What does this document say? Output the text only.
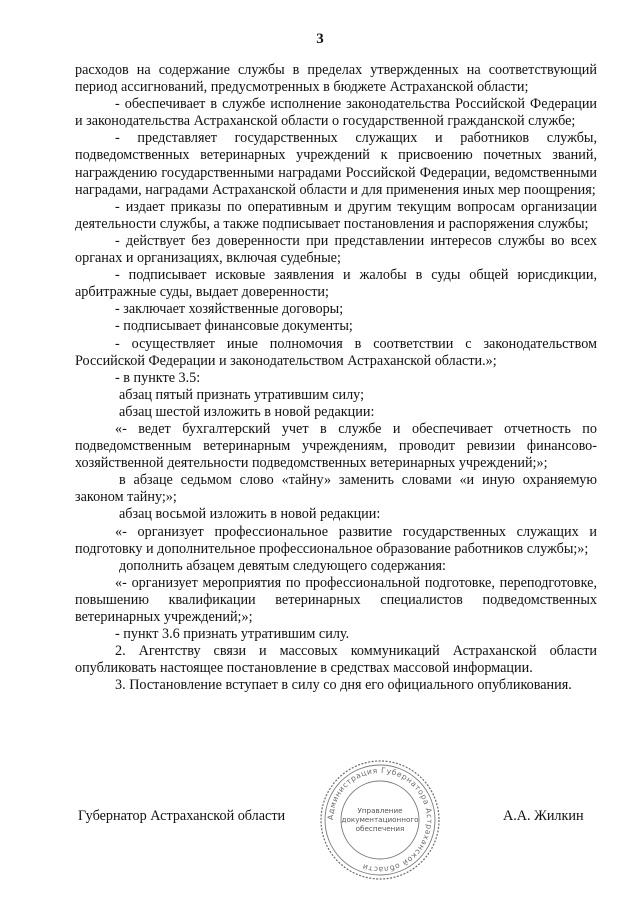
3

расходов на содержание службы в пределах утвержденных на соответствующий период ассигнований, предусмотренных в бюджете Астраханской области;

- обеспечивает в службе исполнение законодательства Российской Федерации и законодательства Астраханской области о государственной гражданской службе;

- представляет государственных служащих и работников службы, подведомственных ветеринарных учреждений к присвоению почетных званий, награждению государственными наградами Российской Федерации, ведомственными наградами, наградами Астраханской области и для применения иных мер поощрения;

- издает приказы по оперативным и другим текущим вопросам организации деятельности службы, а также подписывает постановления и распоряжения службы;

- действует без доверенности при представлении интересов службы во всех органах и организациях, включая судебные;

- подписывает исковые заявления и жалобы в суды общей юрисдикции, арбитражные суды, выдает доверенности;

- заключает хозяйственные договоры;

- подписывает финансовые документы;

- осуществляет иные полномочия в соответствии с законодательством Российской Федерации и законодательством Астраханской области.»;

- в пункте 3.5:

абзац пятый признать утратившим силу;

абзац шестой изложить в новой редакции:

«- ведет бухгалтерский учет в службе и обеспечивает отчетность по подведомственным ветеринарным учреждениям, проводит ревизии финансово-хозяйственной деятельности подведомственных ветеринарных учреждений;»;

в абзаце седьмом слово «тайну» заменить словами «и иную охраняемую законом тайну;»;

абзац восьмой изложить в новой редакции:

«- организует профессиональное развитие государственных служащих и подготовку и дополнительное профессиональное образование работников службы;»;

дополнить абзацем девятым следующего содержания:

«- организует мероприятия по профессиональной подготовке, переподготовке, повышению квалификации ветеринарных специалистов подведомственных ветеринарных учреждений;»;

- пункт 3.6 признать утратившим силу.

2. Агентству связи и массовых коммуникаций Астраханской области опубликовать настоящее постановление в средствах массовой информации.

3. Постановление вступает в силу со дня его официального опубликования.

Губернатор Астраханской области	Администрация Губернатора Астраханской области
Управление документационного обеспечения
А.А. Жилкин
